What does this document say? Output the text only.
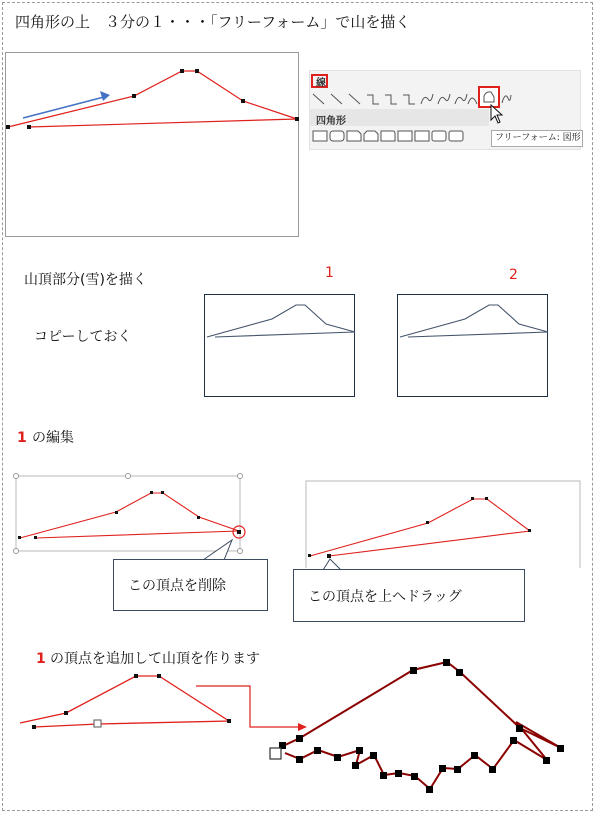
四角形の上　３分の１・・・「フリーフォーム」で山を描く
線
四角形
フリーフォーム: 図形
山頂部分(雪)を描く	1	2
コピーしておく
1 の編集
この頂点を削除
この頂点を上へドラッグ
1 の頂点を追加して山頂を作ります
